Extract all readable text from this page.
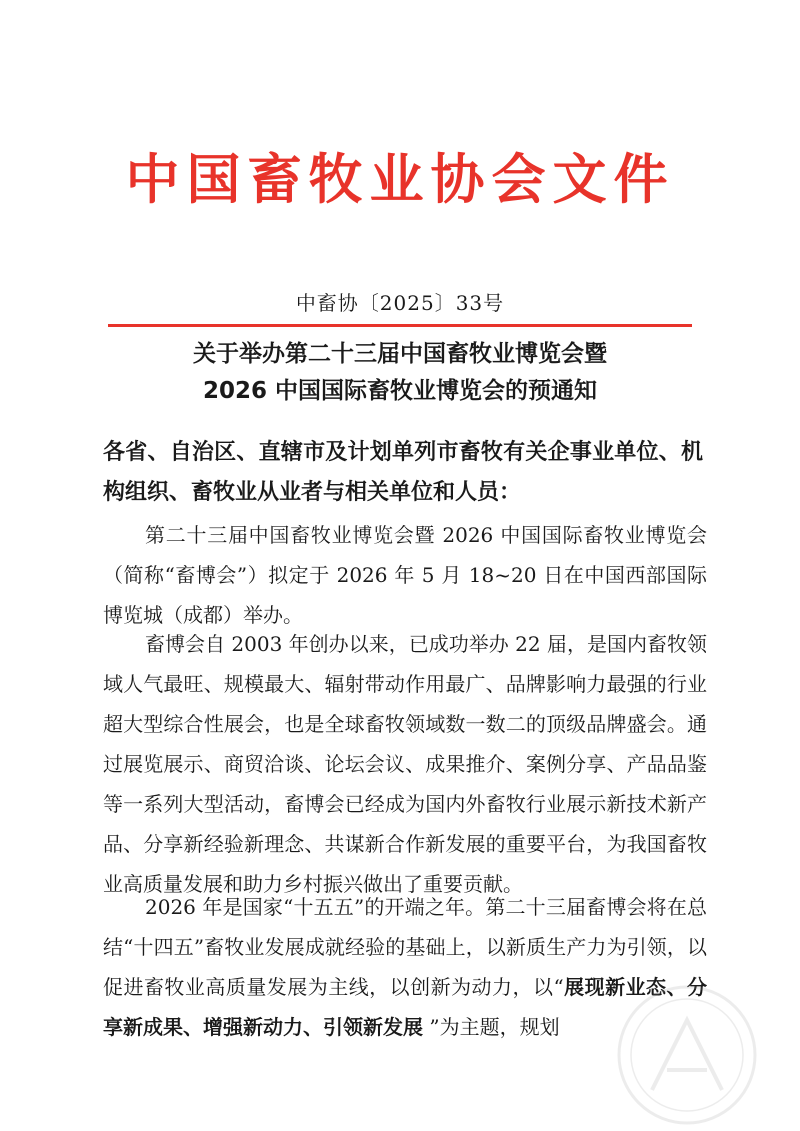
中国畜牧业协会文件
中畜协〔2025〕33号
关于举办第二十三届中国畜牧业博览会暨
2026 中国国际畜牧业博览会的预通知
各省、自治区、直辖市及计划单列市畜牧有关企事业单位、机构组织、畜牧业从业者与相关单位和人员：

第二十三届中国畜牧业博览会暨 2026 中国国际畜牧业博览会（简称“畜博会”）拟定于 2026 年 5 月 18~20 日在中国西部国际博览城（成都）举办。

畜博会自 2003 年创办以来，已成功举办 22 届，是国内畜牧领域人气最旺、规模最大、辐射带动作用最广、品牌影响力最强的行业超大型综合性展会，也是全球畜牧领域数一数二的顶级品牌盛会。通过展览展示、商贸洽谈、论坛会议、成果推介、案例分享、产品品鉴等一系列大型活动，畜博会已经成为国内外畜牧行业展示新技术新产品、分享新经验新理念、共谋新合作新发展的重要平台，为我国畜牧业高质量发展和助力乡村振兴做出了重要贡献。

2026 年是国家“十五五”的开端之年。第二十三届畜博会将在总结“十四五”畜牧业发展成就经验的基础上，以新质生产力为引领，以促进畜牧业高质量发展为主线，以创新为动力，以“展现新业态、分享新成果、增强新动力、引领新发展 ”为主题，规划
